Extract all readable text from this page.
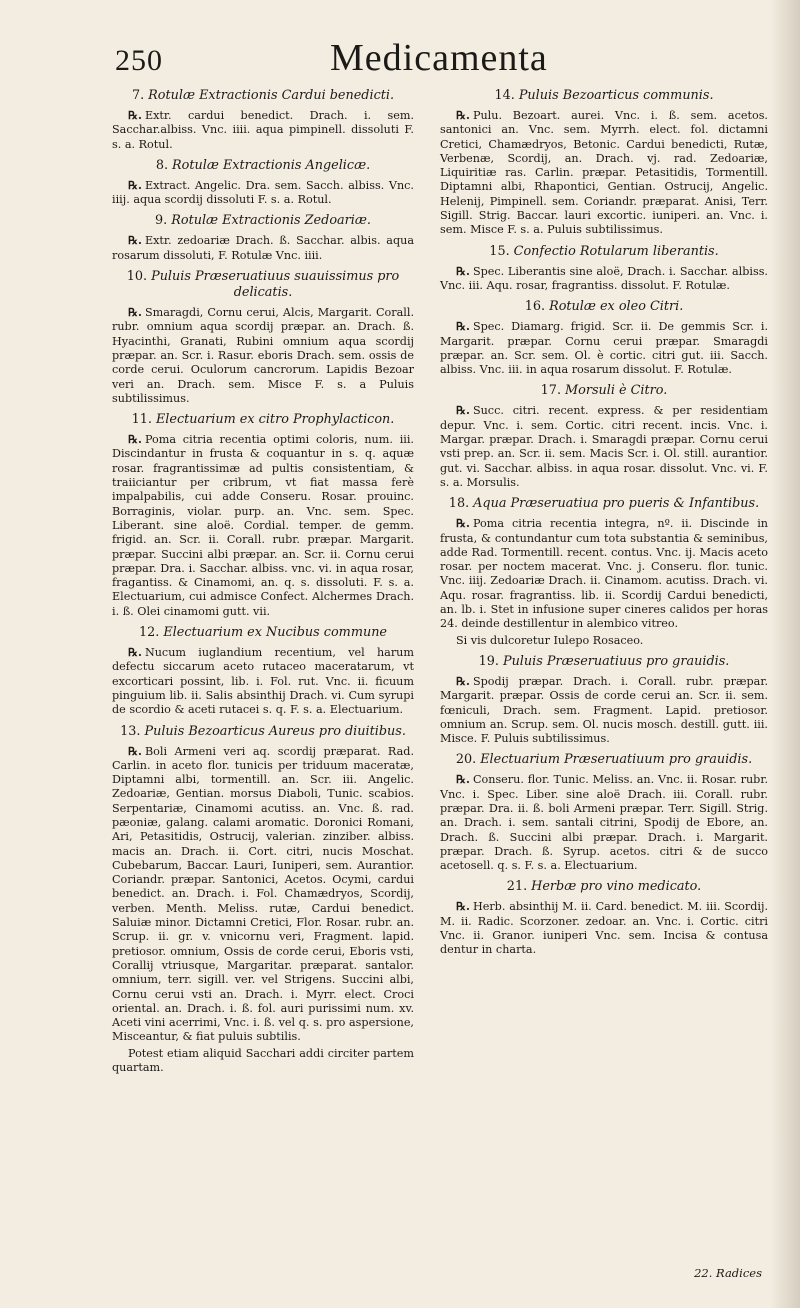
250	Medicamenta
7. Rotulæ Extractionis Cardui benedicti.

℞. Extr. cardui benedict. Drach. i. sem. Sacchar.albiss. Vnc. iiii. aqua pimpinell. dissoluti F. s. a. Rotul.

8. Rotulæ Extractionis Angelicæ.

℞. Extract. Angelic. Dra. sem. Sacch. albiss. Vnc. iiij. aqua scordij dissoluti F. s. a. Rotul.

9. Rotulæ Extractionis Zedoariæ.

℞. Extr. zedoariæ Drach. ß. Sacchar. albis. aqua rosarum dissoluti, F. Rotulæ Vnc. iiii.

10. Puluis Præseruatiuus suauissimus pro delicatis.

℞. Smaragdi, Cornu cerui, Alcis, Margarit. Corall. rubr. omnium aqua scordij præpar. an. Drach. ß. Hyacinthi, Granati, Rubini omnium aqua scordij præpar. an. Scr. i. Rasur. eboris Drach. sem. ossis de corde cerui. Oculorum cancrorum. Lapidis Bezoar veri an. Drach. sem. Misce F. s. a Puluis subtilissimus.

11. Electuarium ex citro Prophylacticon.

℞. Poma citria recentia optimi coloris, num. iii. Discindantur in frusta & coquantur in s. q. aquæ rosar. fragrantissimæ ad pultis consistentiam, & traiiciantur per cribrum, vt fiat massa ferè impalpabilis, cui adde Conseru. Rosar. prouinc. Borraginis, violar. purp. an. Vnc. sem. Spec. Liberant. sine aloë. Cordial. temper. de gemm. frigid. an. Scr. ii. Corall. rubr. præpar. Margarit. præpar. Succini albi præpar. an. Scr. ii. Cornu cerui præpar. Dra. i. Sacchar. albiss. vnc. vi. in aqua rosar, fragantiss. & Cinamomi, an. q. s. dissoluti. F. s. a. Electuarium, cui admisce Confect. Alchermes Drach. i. ß. Olei cinamomi gutt. vii.

12. Electuarium ex Nucibus commune

℞. Nucum iuglandium recentium, vel harum defectu siccarum aceto rutaceo maceratarum, vt excorticari possint, lib. i. Fol. rut. Vnc. ii. ficuum pinguium lib. ii. Salis absinthij Drach. vi. Cum syrupi de scordio & aceti rutacei s. q. F. s. a. Electuarium.

13. Puluis Bezoarticus Aureus pro diuitibus.

℞. Boli Armeni veri aq. scordij præparat. Rad. Carlin. in aceto flor. tunicis per triduum maceratæ, Diptamni albi, tormentill. an. Scr. iii. Angelic. Zedoariæ, Gentian. morsus Diaboli, Tunic. scabios. Serpentariæ, Cinamomi acutiss. an. Vnc. ß. rad. pæoniæ, galang. calami aromatic. Doronici Romani, Ari, Petasitidis, Ostrucij, valerian. zinziber. albiss. macis an. Drach. ii. Cort. citri, nucis Moschat. Cubebarum, Baccar. Lauri, Iuniperi, sem. Aurantior. Coriandr. præpar. Santonici, Acetos. Ocymi, cardui benedict. an. Drach. i. Fol. Chamædryos, Scordij, verben. Menth. Meliss. rutæ, Cardui benedict. Saluiæ minor. Dictamni Cretici, Flor. Rosar. rubr. an. Scrup. ii. gr. v. vnicornu veri, Fragment. lapid. pretiosor. omnium, Ossis de corde cerui, Eboris vsti, Corallij vtriusque, Margaritar. præparat. santalor. omnium, terr. sigill. ver. vel Strigens. Succini albi, Cornu cerui vsti an. Drach. i. Myrr. elect. Croci oriental. an. Drach. i. ß. fol. auri purissimi num. xv. Aceti vini acerrimi, Vnc. i. ß. vel q. s. pro aspersione, Misceantur, & fiat puluis subtilis.

Potest etiam aliquid Sacchari addi circiter partem quartam.

14. Puluis Bezoarticus communis.

℞. Pulu. Bezoart. aurei. Vnc. i. ß. sem. acetos. santonici an. Vnc. sem. Myrrh. elect. fol. dictamni Cretici, Chamædryos, Betonic. Cardui benedicti, Rutæ, Verbenæ, Scordij, an. Drach. vj. rad. Zedoariæ, Liquiritiæ ras. Carlin. præpar. Petasitidis, Tormentill. Diptamni albi, Rhapontici, Gentian. Ostrucij, Angelic. Helenij, Pimpinell. sem. Coriandr. præparat. Anisi, Terr. Sigill. Strig. Baccar. lauri excortic. iuniperi. an. Vnc. i. sem. Misce F. s. a. Puluis subtilissimus.

15. Confectio Rotularum liberantis.

℞. Spec. Liberantis sine aloë, Drach. i. Sacchar. albiss. Vnc. iii. Aqu. rosar, fragrantiss. dissolut. F. Rotulæ.

16. Rotulæ ex oleo Citri.

℞. Spec. Diamarg. frigid. Scr. ii. De gemmis Scr. i. Margarit. præpar. Cornu cerui præpar. Smaragdi præpar. an. Scr. sem. Ol. è cortic. citri gut. iii. Sacch. albiss. Vnc. iii. in aqua rosarum dissolut. F. Rotulæ.

17. Morsuli è Citro.

℞. Succ. citri. recent. express. & per residentiam depur. Vnc. i. sem. Cortic. citri recent. incis. Vnc. i. Margar. præpar. Drach. i. Smaragdi præpar. Cornu cerui vsti prep. an. Scr. ii. sem. Macis Scr. i. Ol. still. aurantior. gut. vi. Sacchar. albiss. in aqua rosar. dissolut. Vnc. vi. F. s. a. Morsulis.

18. Aqua Præseruatiua pro pueris & Infantibus.

℞. Poma citria recentia integra, nº. ii. Discinde in frusta, & contundantur cum tota substantia & seminibus, adde Rad. Tormentill. recent. contus. Vnc. ij. Macis aceto rosar. per noctem macerat. Vnc. j. Conseru. flor. tunic. Vnc. iiij. Zedoariæ Drach. ii. Cinamom. acutiss. Drach. vi. Aqu. rosar. fragrantiss. lib. ii. Scordij Cardui benedicti, an. lb. i. Stet in infusione super cineres calidos per horas 24. deinde destillentur in alembico vitreo.

Si vis dulcoretur Iulepo Rosaceo.

19. Puluis Præseruatiuus pro grauidis.

℞. Spodij præpar. Drach. i. Corall. rubr. præpar. Margarit. præpar. Ossis de corde cerui an. Scr. ii. sem. fœniculi, Drach. sem. Fragment. Lapid. pretiosor. omnium an. Scrup. sem. Ol. nucis mosch. destill. gutt. iii. Misce. F. Puluis subtilissimus.

20. Electuarium Præseruatiuum pro grauidis.

℞. Conseru. flor. Tunic. Meliss. an. Vnc. ii. Rosar. rubr. Vnc. i. Spec. Liber. sine aloë Drach. iii. Corall. rubr. præpar. Dra. ii. ß. boli Armeni præpar. Terr. Sigill. Strig. an. Drach. i. sem. santali citrini, Spodij de Ebore, an. Drach. ß. Succini albi præpar. Drach. i. Margarit. præpar. Drach. ß. Syrup. acetos. citri & de succo acetosell. q. s. F. s. a. Electuarium.

21. Herbæ pro vino medicato.

℞. Herb. absinthij M. ii. Card. benedict. M. iii. Scordij. M. ii. Radic. Scorzoner. zedoar. an. Vnc. i. Cortic. citri Vnc. ii. Granor. iuniperi Vnc. sem. Incisa & contusa dentur in charta.

22. Radices
